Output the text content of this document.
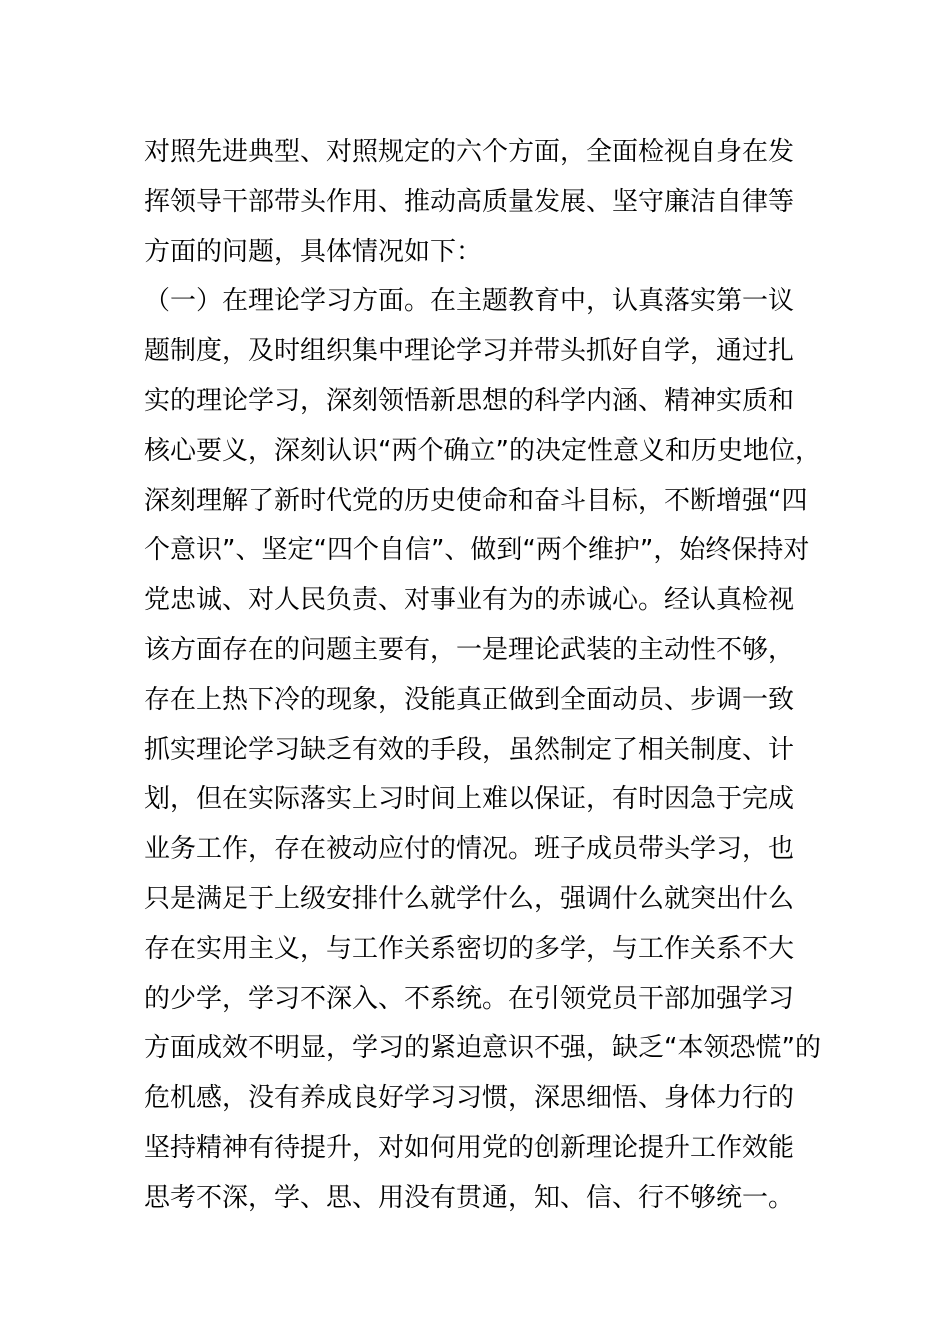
对照先进典型、对照规定的六个方面，全面检视自身在发
挥领导干部带头作用、推动高质量发展、坚守廉洁自律等
方面的问题，具体情况如下：
（一）在理论学习方面。在主题教育中，认真落实第一议
题制度，及时组织集中理论学习并带头抓好自学，通过扎
实的理论学习，深刻领悟新思想的科学内涵、精神实质和
核心要义，深刻认识“两个确立”的决定性意义和历史地位，
深刻理解了新时代党的历史使命和奋斗目标，不断增强“四
个意识”、坚定“四个自信”、做到“两个维护”，始终保持对
党忠诚、对人民负责、对事业有为的赤诚心。经认真检视
该方面存在的问题主要有，一是理论武装的主动性不够，
存在上热下冷的现象，没能真正做到全面动员、步调一致
抓实理论学习缺乏有效的手段，虽然制定了相关制度、计
划，但在实际落实上习时间上难以保证，有时因急于完成
业务工作，存在被动应付的情况。班子成员带头学习，也
只是满足于上级安排什么就学什么，强调什么就突出什么
存在实用主义，与工作关系密切的多学，与工作关系不大
的少学，学习不深入、不系统。在引领党员干部加强学习
方面成效不明显，学习的紧迫意识不强，缺乏“本领恐慌”的
危机感，没有养成良好学习习惯，深思细悟、身体力行的
坚持精神有待提升，对如何用党的创新理论提升工作效能
思考不深，学、思、用没有贯通，知、信、行不够统一。
